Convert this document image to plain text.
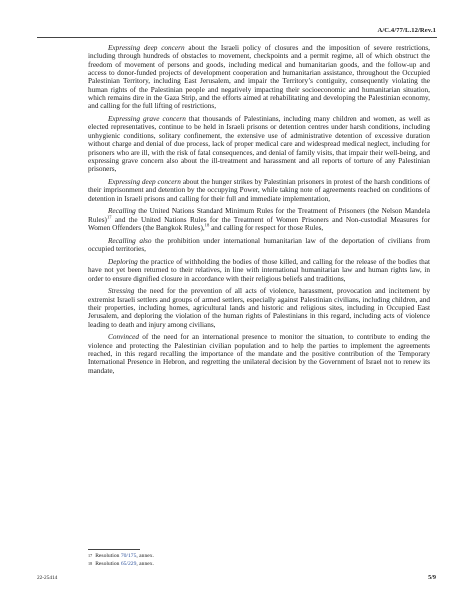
A/C.4/77/L.12/Rev.1

Expressing deep concern about the Israeli policy of closures and the imposition of severe restrictions, including through hundreds of obstacles to movement, checkpoints and a permit regime, all of which obstruct the freedom of movement of persons and goods, including medical and humanitarian goods, and the follow-up and access to donor-funded projects of development cooperation and humanitarian assistance, throughout the Occupied Palestinian Territory, including East Jerusalem, and impair the Territory’s contiguity, consequently violating the human rights of the Palestinian people and negatively impacting their socioeconomic and humanitarian situation, which remains dire in the Gaza Strip, and the efforts aimed at rehabilitating and developing the Palestinian economy, and calling for the full lifting of restrictions,

Expressing grave concern that thousands of Palestinians, including many children and women, as well as elected representatives, continue to be held in Israeli prisons or detention centres under harsh conditions, including unhygienic conditions, solitary confinement, the extensive use of administrative detention of excessive duration without charge and denial of due process, lack of proper medical care and widespread medical neglect, including for prisoners who are ill, with the risk of fatal consequences, and denial of family visits, that impair their well-being, and expressing grave concern also about the ill-treatment and harassment and all reports of torture of any Palestinian prisoners,

Expressing deep concern about the hunger strikes by Palestinian prisoners in protest of the harsh conditions of their imprisonment and detention by the occupying Power, while taking note of agreements reached on conditions of detention in Israeli prisons and calling for their full and immediate implementation,

Recalling the United Nations Standard Minimum Rules for the Treatment of Prisoners (the Nelson Mandela Rules)$^{17}$ and the United Nations Rules for the Treatment of Women Prisoners and Non-custodial Measures for Women Offenders (the Bangkok Rules),$^{18}$ and calling for respect for those Rules,

Recalling also the prohibition under international humanitarian law of the deportation of civilians from occupied territories,

Deploring the practice of withholding the bodies of those killed, and calling for the release of the bodies that have not yet been returned to their relatives, in line with international humanitarian law and human rights law, in order to ensure dignified closure in accordance with their religious beliefs and traditions,

Stressing the need for the prevention of all acts of violence, harassment, provocation and incitement by extremist Israeli settlers and groups of armed settlers, especially against Palestinian civilians, including children, and their properties, including homes, agricultural lands and historic and religious sites, including in Occupied East Jerusalem, and deploring the violation of the human rights of Palestinians in this regard, including acts of violence leading to death and injury among civilians,

Convinced of the need for an international presence to monitor the situation, to contribute to ending the violence and protecting the Palestinian civilian population and to help the parties to implement the agreements reached, in this regard recalling the importance of the mandate and the positive contribution of the Temporary International Presence in Hebron, and regretting the unilateral decision by the Government of Israel not to renew its mandate,

17 Resolution 70/175, annex.
18 Resolution 65/229, annex.
22-25414	5/9
